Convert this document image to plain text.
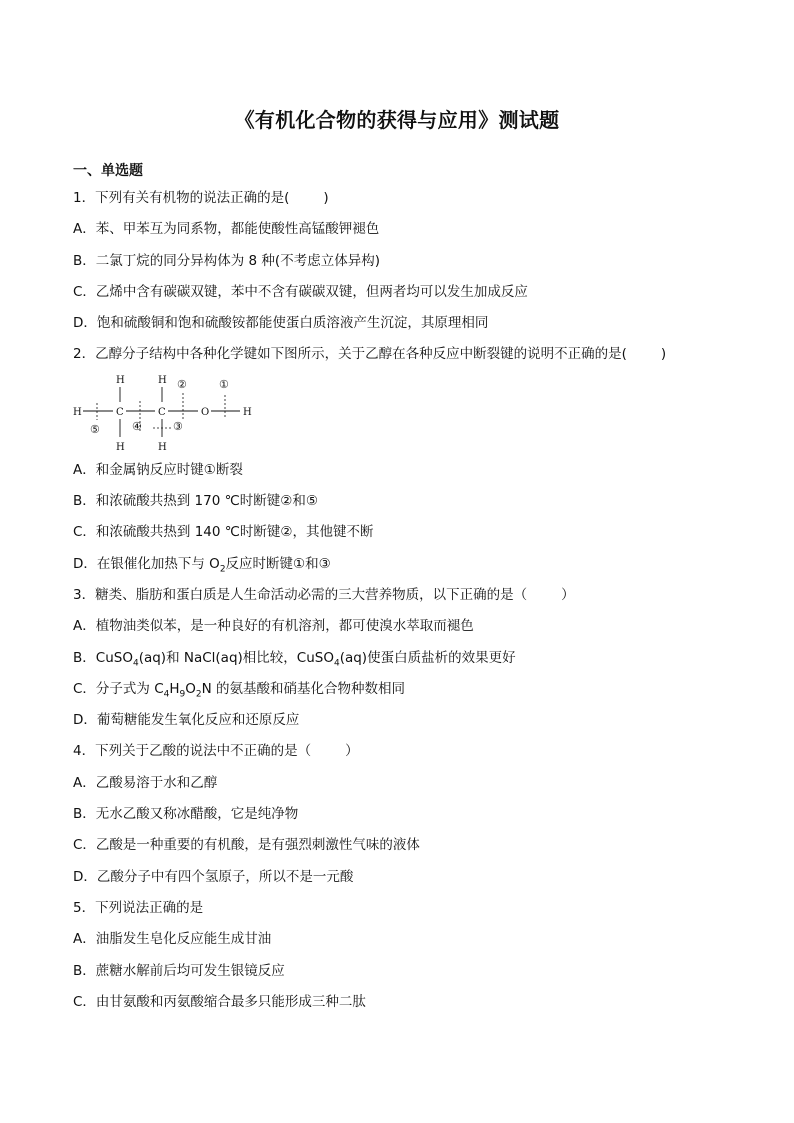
《有机化合物的获得与应用》测试题
一、单选题
1．下列有关有机物的说法正确的是(	)
A．苯、甲苯互为同系物，都能使酸性高锰酸钾褪色
B．二氯丁烷的同分异构体为 8 种(不考虑立体异构)
C．乙烯中含有碳碳双键，苯中不含有碳碳双键，但两者均可以发生加成反应
D．饱和硫酸铜和饱和硫酸铵都能使蛋白质溶液产生沉淀，其原理相同
2．乙醇分子结构中各种化学键如下图所示，关于乙醇在各种反应中断裂键的说明不正确的是(	)
H	C	C	O	H
H
H
H
H
①
②
③
④
⑤
A．和金属钠反应时键①断裂
B．和浓硫酸共热到 170 ℃时断键②和⑤
C．和浓硫酸共热到 140 ℃时断键②，其他键不断
D．在银催化加热下与 $O_2$反应时断键①和③
3．糖类、脂肪和蛋白质是人生命活动必需的三大营养物质，以下正确的是（	）
A．植物油类似苯，是一种良好的有机溶剂，都可使溴水萃取而褪色
B．CuSO$_4$(aq)和 NaCl(aq)相比较，CuSO$_4$(aq)使蛋白质盐析的效果更好
C．分子式为 $C_4H_9O_2N$ 的氨基酸和硝基化合物种数相同
D．葡萄糖能发生氧化反应和还原反应
4．下列关于乙酸的说法中不正确的是（	）
A．乙酸易溶于水和乙醇
B．无水乙酸又称冰醋酸，它是纯净物
C．乙酸是一种重要的有机酸，是有强烈刺激性气味的液体
D．乙酸分子中有四个氢原子，所以不是一元酸
5．下列说法正确的是
A．油脂发生皂化反应能生成甘油
B．蔗糖水解前后均可发生银镜反应
C．由甘氨酸和丙氨酸缩合最多只能形成三种二肽
